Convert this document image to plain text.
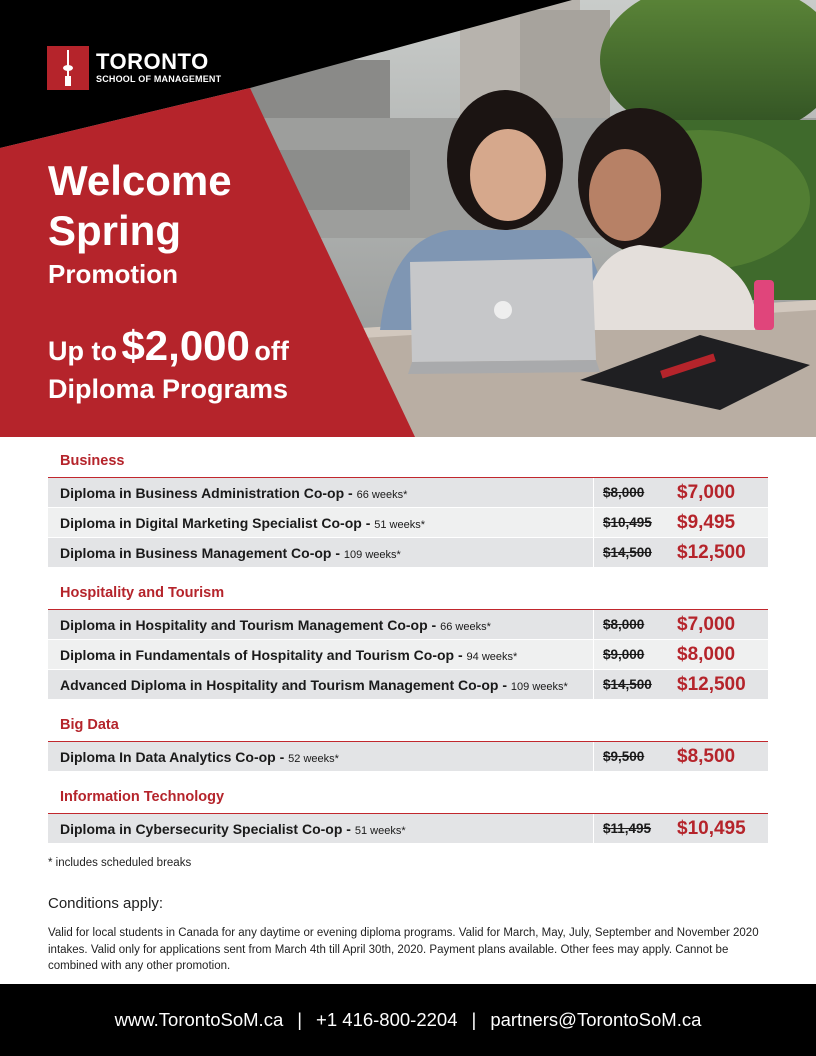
TORONTO
SCHOOL OF MANAGEMENT
Welcome
Spring
Promotion
Up to $2,000 off
Diploma Programs
Business
Diploma in Business Administration Co-op - 66 weeks*	$8,000	$7,000
Diploma in Digital Marketing Specialist Co-op - 51 weeks*	$10,495	$9,495
Diploma in Business Management Co-op - 109 weeks*	$14,500	$12,500
Hospitality and Tourism
Diploma in Hospitality and Tourism Management Co-op - 66 weeks*	$8,000	$7,000
Diploma in Fundamentals of Hospitality and Tourism Co-op - 94 weeks*	$9,000	$8,000
Advanced Diploma in Hospitality and Tourism Management Co-op - 109 weeks*	$14,500	$12,500
Big Data
Diploma In Data Analytics Co-op - 52 weeks*	$9,500	$8,500
Information Technology
Diploma in Cybersecurity Specialist Co-op - 51 weeks*	$11,495	$10,495
* includes scheduled breaks
Conditions apply:
Valid for local students in Canada for any daytime or evening diploma programs. Valid for March, May, July, September and November 2020 intakes. Valid only for applications sent from March 4th till April 30th, 2020. Payment plans available. Other fees may apply. Cannot be combined with any other promotion.
www.TorontoSoM.ca | +1 416-800-2204 | partners@TorontoSoM.ca
